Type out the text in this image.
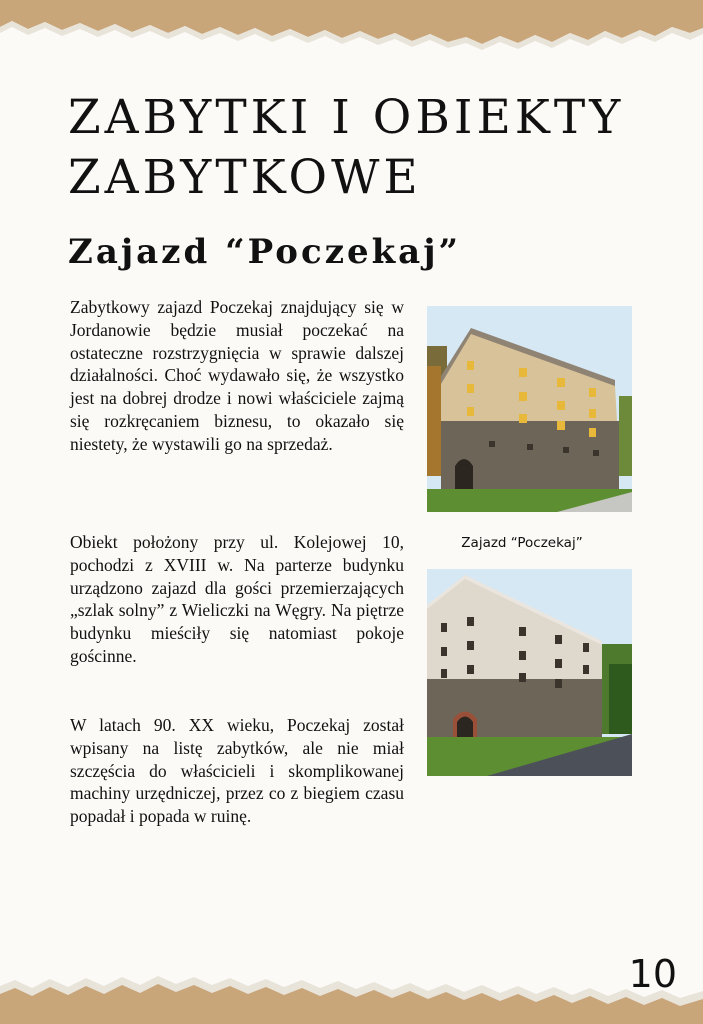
ZABYTKI I OBIEKTY ZABYTKOWE
Zajazd “Poczekaj”

Zabytkowy zajazd Poczekaj znajdujący się w Jordanowie będzie musiał poczekać na ostateczne rozstrzygnięcia w sprawie dalszej działalności. Choć wydawało się, że wszystko jest na dobrej drodze i nowi właściciele zajmą się rozkręcaniem biznesu, to okazało się niestety, że wystawili go na sprzedaż.

Obiekt położony przy ul. Kolejowej 10, pochodzi z XVIII w. Na parterze budynku urządzono zajazd dla gości przemierzających „szlak solny” z Wieliczki na Węgry. Na piętrze budynku mieściły się natomiast pokoje gościnne.

W latach 90. XX wieku, Poczekaj został wpisany na listę zabytków, ale nie miał szczęścia do właścicieli i skomplikowanej machiny urzędniczej, przez co z biegiem czasu popadał i popada w ruinę.

Zajazd “Poczekaj”
10
